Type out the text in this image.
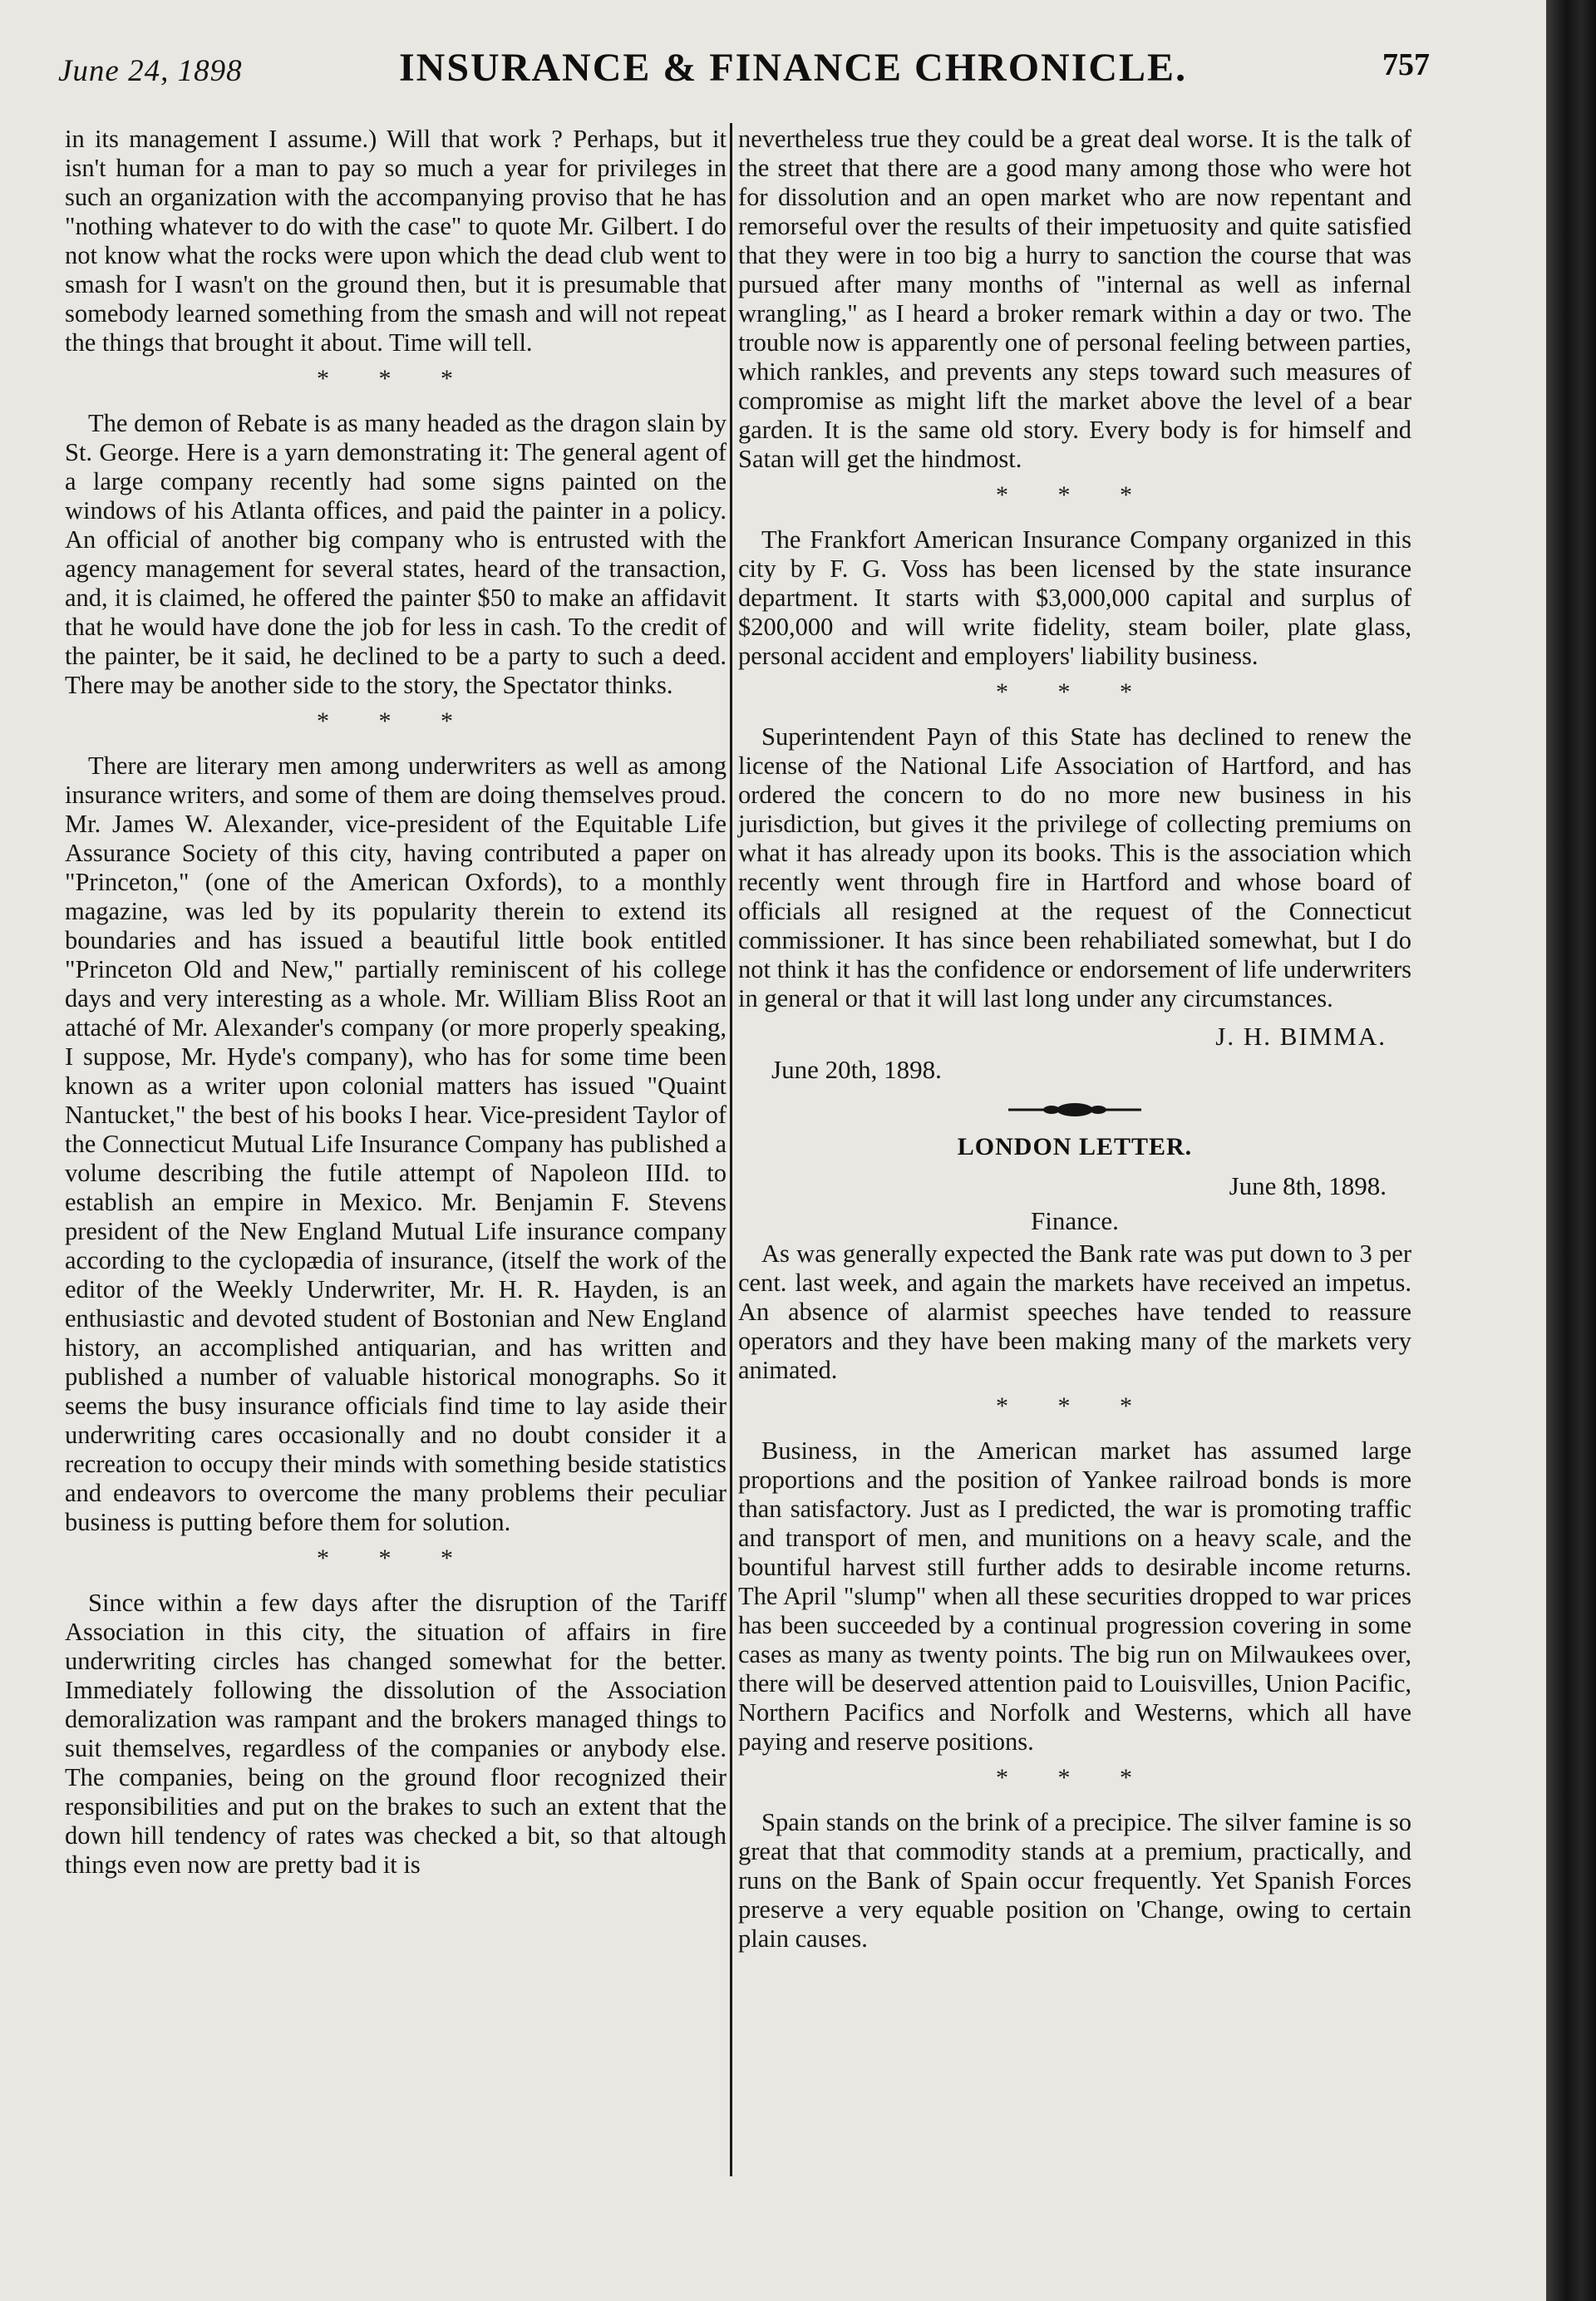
June 24, 1898	INSURANCE & FINANCE CHRONICLE.	757

in its management I assume.) Will that work ? Perhaps, but it isn't human for a man to pay so much a year for privileges in such an organization with the accompanying proviso that he has "nothing whatever to do with the case" to quote Mr. Gilbert. I do not know what the rocks were upon which the dead club went to smash for I wasn't on the ground then, but it is presumable that somebody learned something from the smash and will not repeat the things that brought it about. Time will tell.

* * *

The demon of Rebate is as many headed as the dragon slain by St. George. Here is a yarn demonstrating it: The general agent of a large company recently had some signs painted on the windows of his Atlanta offices, and paid the painter in a policy. An official of another big company who is entrusted with the agency management for several states, heard of the transaction, and, it is claimed, he offered the painter $50 to make an affidavit that he would have done the job for less in cash. To the credit of the painter, be it said, he declined to be a party to such a deed. There may be another side to the story, the Spectator thinks.

* * *

There are literary men among underwriters as well as among insurance writers, and some of them are doing themselves proud. Mr. James W. Alexander, vice-president of the Equitable Life Assurance Society of this city, having contributed a paper on "Princeton," (one of the American Oxfords), to a monthly magazine, was led by its popularity therein to extend its boundaries and has issued a beautiful little book entitled "Princeton Old and New," partially reminiscent of his college days and very interesting as a whole. Mr. William Bliss Root an attaché of Mr. Alexander's company (or more properly speaking, I suppose, Mr. Hyde's company), who has for some time been known as a writer upon colonial matters has issued "Quaint Nantucket," the best of his books I hear. Vice-president Taylor of the Connecticut Mutual Life Insurance Company has published a volume describing the futile attempt of Napoleon IIId. to establish an empire in Mexico. Mr. Benjamin F. Stevens president of the New England Mutual Life insurance company according to the cyclopædia of insurance, (itself the work of the editor of the Weekly Underwriter, Mr. H. R. Hayden, is an enthusiastic and devoted student of Bostonian and New England history, an accomplished antiquarian, and has written and published a number of valuable historical monographs. So it seems the busy insurance officials find time to lay aside their underwriting cares occasionally and no doubt consider it a recreation to occupy their minds with something beside statistics and endeavors to overcome the many problems their peculiar business is putting before them for solution.

* * *

Since within a few days after the disruption of the Tariff Association in this city, the situation of affairs in fire underwriting circles has changed somewhat for the better. Immediately following the dissolution of the Association demoralization was rampant and the brokers managed things to suit themselves, regardless of the companies or anybody else. The companies, being on the ground floor recognized their responsibilities and put on the brakes to such an extent that the down hill tendency of rates was checked a bit, so that altough things even now are pretty bad it is

nevertheless true they could be a great deal worse. It is the talk of the street that there are a good many among those who were hot for dissolution and an open market who are now repentant and remorseful over the results of their impetuosity and quite satisfied that they were in too big a hurry to sanction the course that was pursued after many months of "internal as well as infernal wrangling," as I heard a broker remark within a day or two. The trouble now is apparently one of personal feeling between parties, which rankles, and prevents any steps toward such measures of compromise as might lift the market above the level of a bear garden. It is the same old story. Every body is for himself and Satan will get the hindmost.

* * *

The Frankfort American Insurance Company organized in this city by F. G. Voss has been licensed by the state insurance department. It starts with $3,000,000 capital and surplus of $200,000 and will write fidelity, steam boiler, plate glass, personal accident and employers' liability business.

* * *

Superintendent Payn of this State has declined to renew the license of the National Life Association of Hartford, and has ordered the concern to do no more new business in his jurisdiction, but gives it the privilege of collecting premiums on what it has already upon its books. This is the association which recently went through fire in Hartford and whose board of officials all resigned at the request of the Connecticut commissioner. It has since been rehabiliated somewhat, but I do not think it has the confidence or endorsement of life underwriters in general or that it will last long under any circumstances.

J. H. BIMMA.
June 20th, 1898.
LONDON LETTER.
June 8th, 1898.
Finance.

As was generally expected the Bank rate was put down to 3 per cent. last week, and again the markets have received an impetus. An absence of alarmist speeches have tended to reassure operators and they have been making many of the markets very animated.

* * *

Business, in the American market has assumed large proportions and the position of Yankee railroad bonds is more than satisfactory. Just as I predicted, the war is promoting traffic and transport of men, and munitions on a heavy scale, and the bountiful harvest still further adds to desirable income returns. The April "slump" when all these securities dropped to war prices has been succeeded by a continual progression covering in some cases as many as twenty points. The big run on Milwaukees over, there will be deserved attention paid to Louisvilles, Union Pacific, Northern Pacifics and Norfolk and Westerns, which all have paying and reserve positions.

* * *

Spain stands on the brink of a precipice. The silver famine is so great that that commodity stands at a premium, practically, and runs on the Bank of Spain occur frequently. Yet Spanish Forces preserve a very equable position on 'Change, owing to certain plain causes.
